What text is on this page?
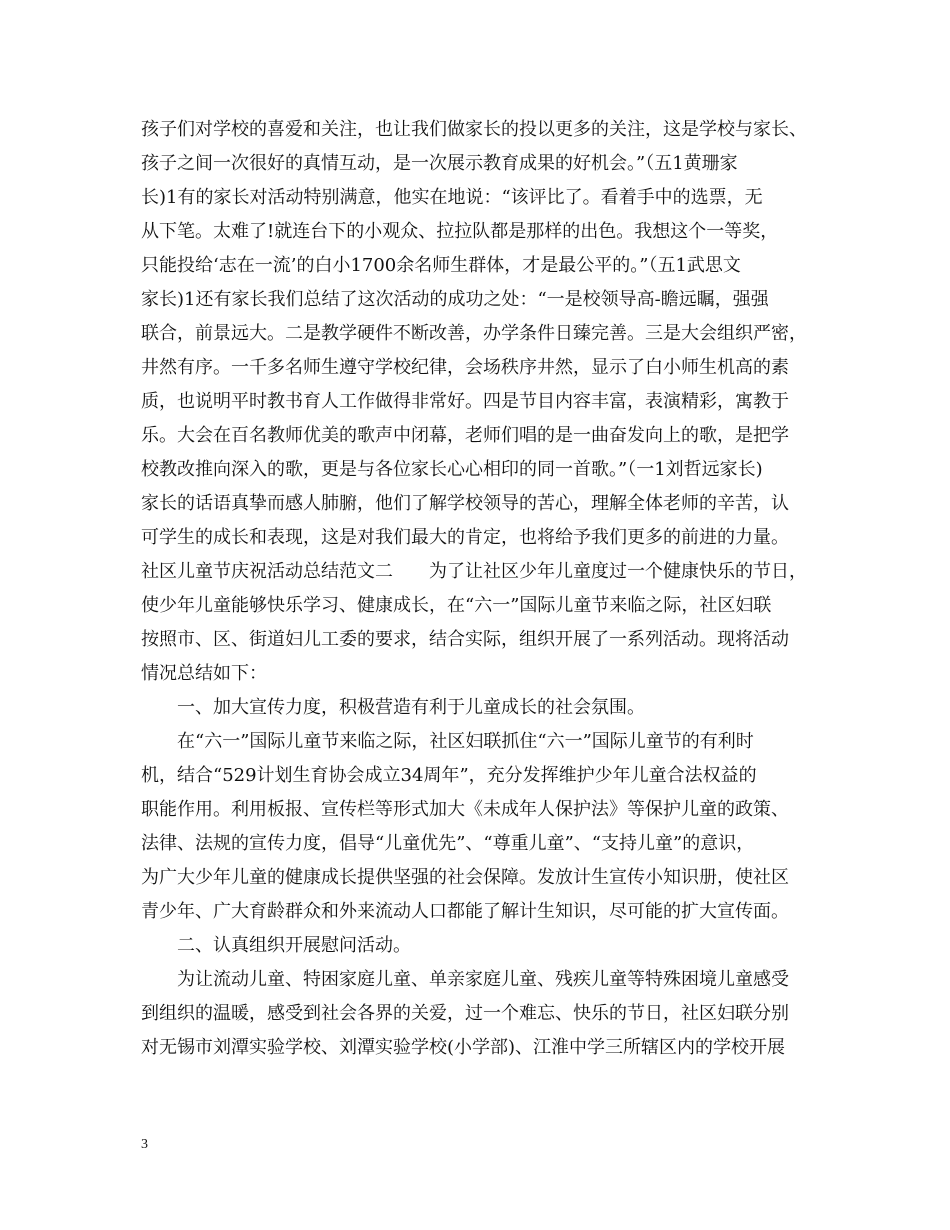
孩子们对学校的喜爱和关注，也让我们做家长的投以更多的关注，这是学校与家长、
孩子之间一次很好的真情互动，是一次展示教育成果的好机会。”（五1黄珊家
长)1有的家长对活动特别满意，他实在地说：“该评比了。看着手中的选票，无
从下笔。太难了!就连台下的小观众、拉拉队都是那样的出色。我想这个一等奖，
只能投给‘志在一流’的白小1700余名师生群体，才是最公平的。”（五1武思文
家长)1还有家长我们总结了这次活动的成功之处：“一是校领导高-瞻远瞩，强强
联合，前景远大。二是教学硬件不断改善，办学条件日臻完善。三是大会组织严密，
井然有序。一千多名师生遵守学校纪律，会场秩序井然，显示了白小师生机高的素
质，也说明平时教书育人工作做得非常好。四是节目内容丰富，表演精彩，寓教于
乐。大会在百名教师优美的歌声中闭幕，老师们唱的是一曲奋发向上的歌，是把学
校教改推向深入的歌，更是与各位家长心心相印的同一首歌。”（一1刘哲远家长)
家长的话语真挚而感人肺腑，他们了解学校领导的苦心，理解全体老师的辛苦，认
可学生的成长和表现，这是对我们最大的肯定，也将给予我们更多的前进的力量。
社区儿童节庆祝活动总结范文二　　为了让社区少年儿童度过一个健康快乐的节日，
使少年儿童能够快乐学习、健康成长，在“六一”国际儿童节来临之际，社区妇联
按照市、区、街道妇儿工委的要求，结合实际，组织开展了一系列活动。现将活动
情况总结如下：
一、加大宣传力度，积极营造有利于儿童成长的社会氛围。
在“六一”国际儿童节来临之际，社区妇联抓住“六一”国际儿童节的有利时
机，结合“529计划生育协会成立34周年”，充分发挥维护少年儿童合法权益的
职能作用。利用板报、宣传栏等形式加大《未成年人保护法》等保护儿童的政策、
法律、法规的宣传力度，倡导“儿童优先”、“尊重儿童”、“支持儿童”的意识，
为广大少年儿童的健康成长提供坚强的社会保障。发放计生宣传小知识册，使社区
青少年、广大育龄群众和外来流动人口都能了解计生知识，尽可能的扩大宣传面。
二、认真组织开展慰问活动。
为让流动儿童、特困家庭儿童、单亲家庭儿童、残疾儿童等特殊困境儿童感受
到组织的温暖，感受到社会各界的关爱，过一个难忘、快乐的节日，社区妇联分别
对无锡市刘潭实验学校、刘潭实验学校(小学部)、江淮中学三所辖区内的学校开展
3
